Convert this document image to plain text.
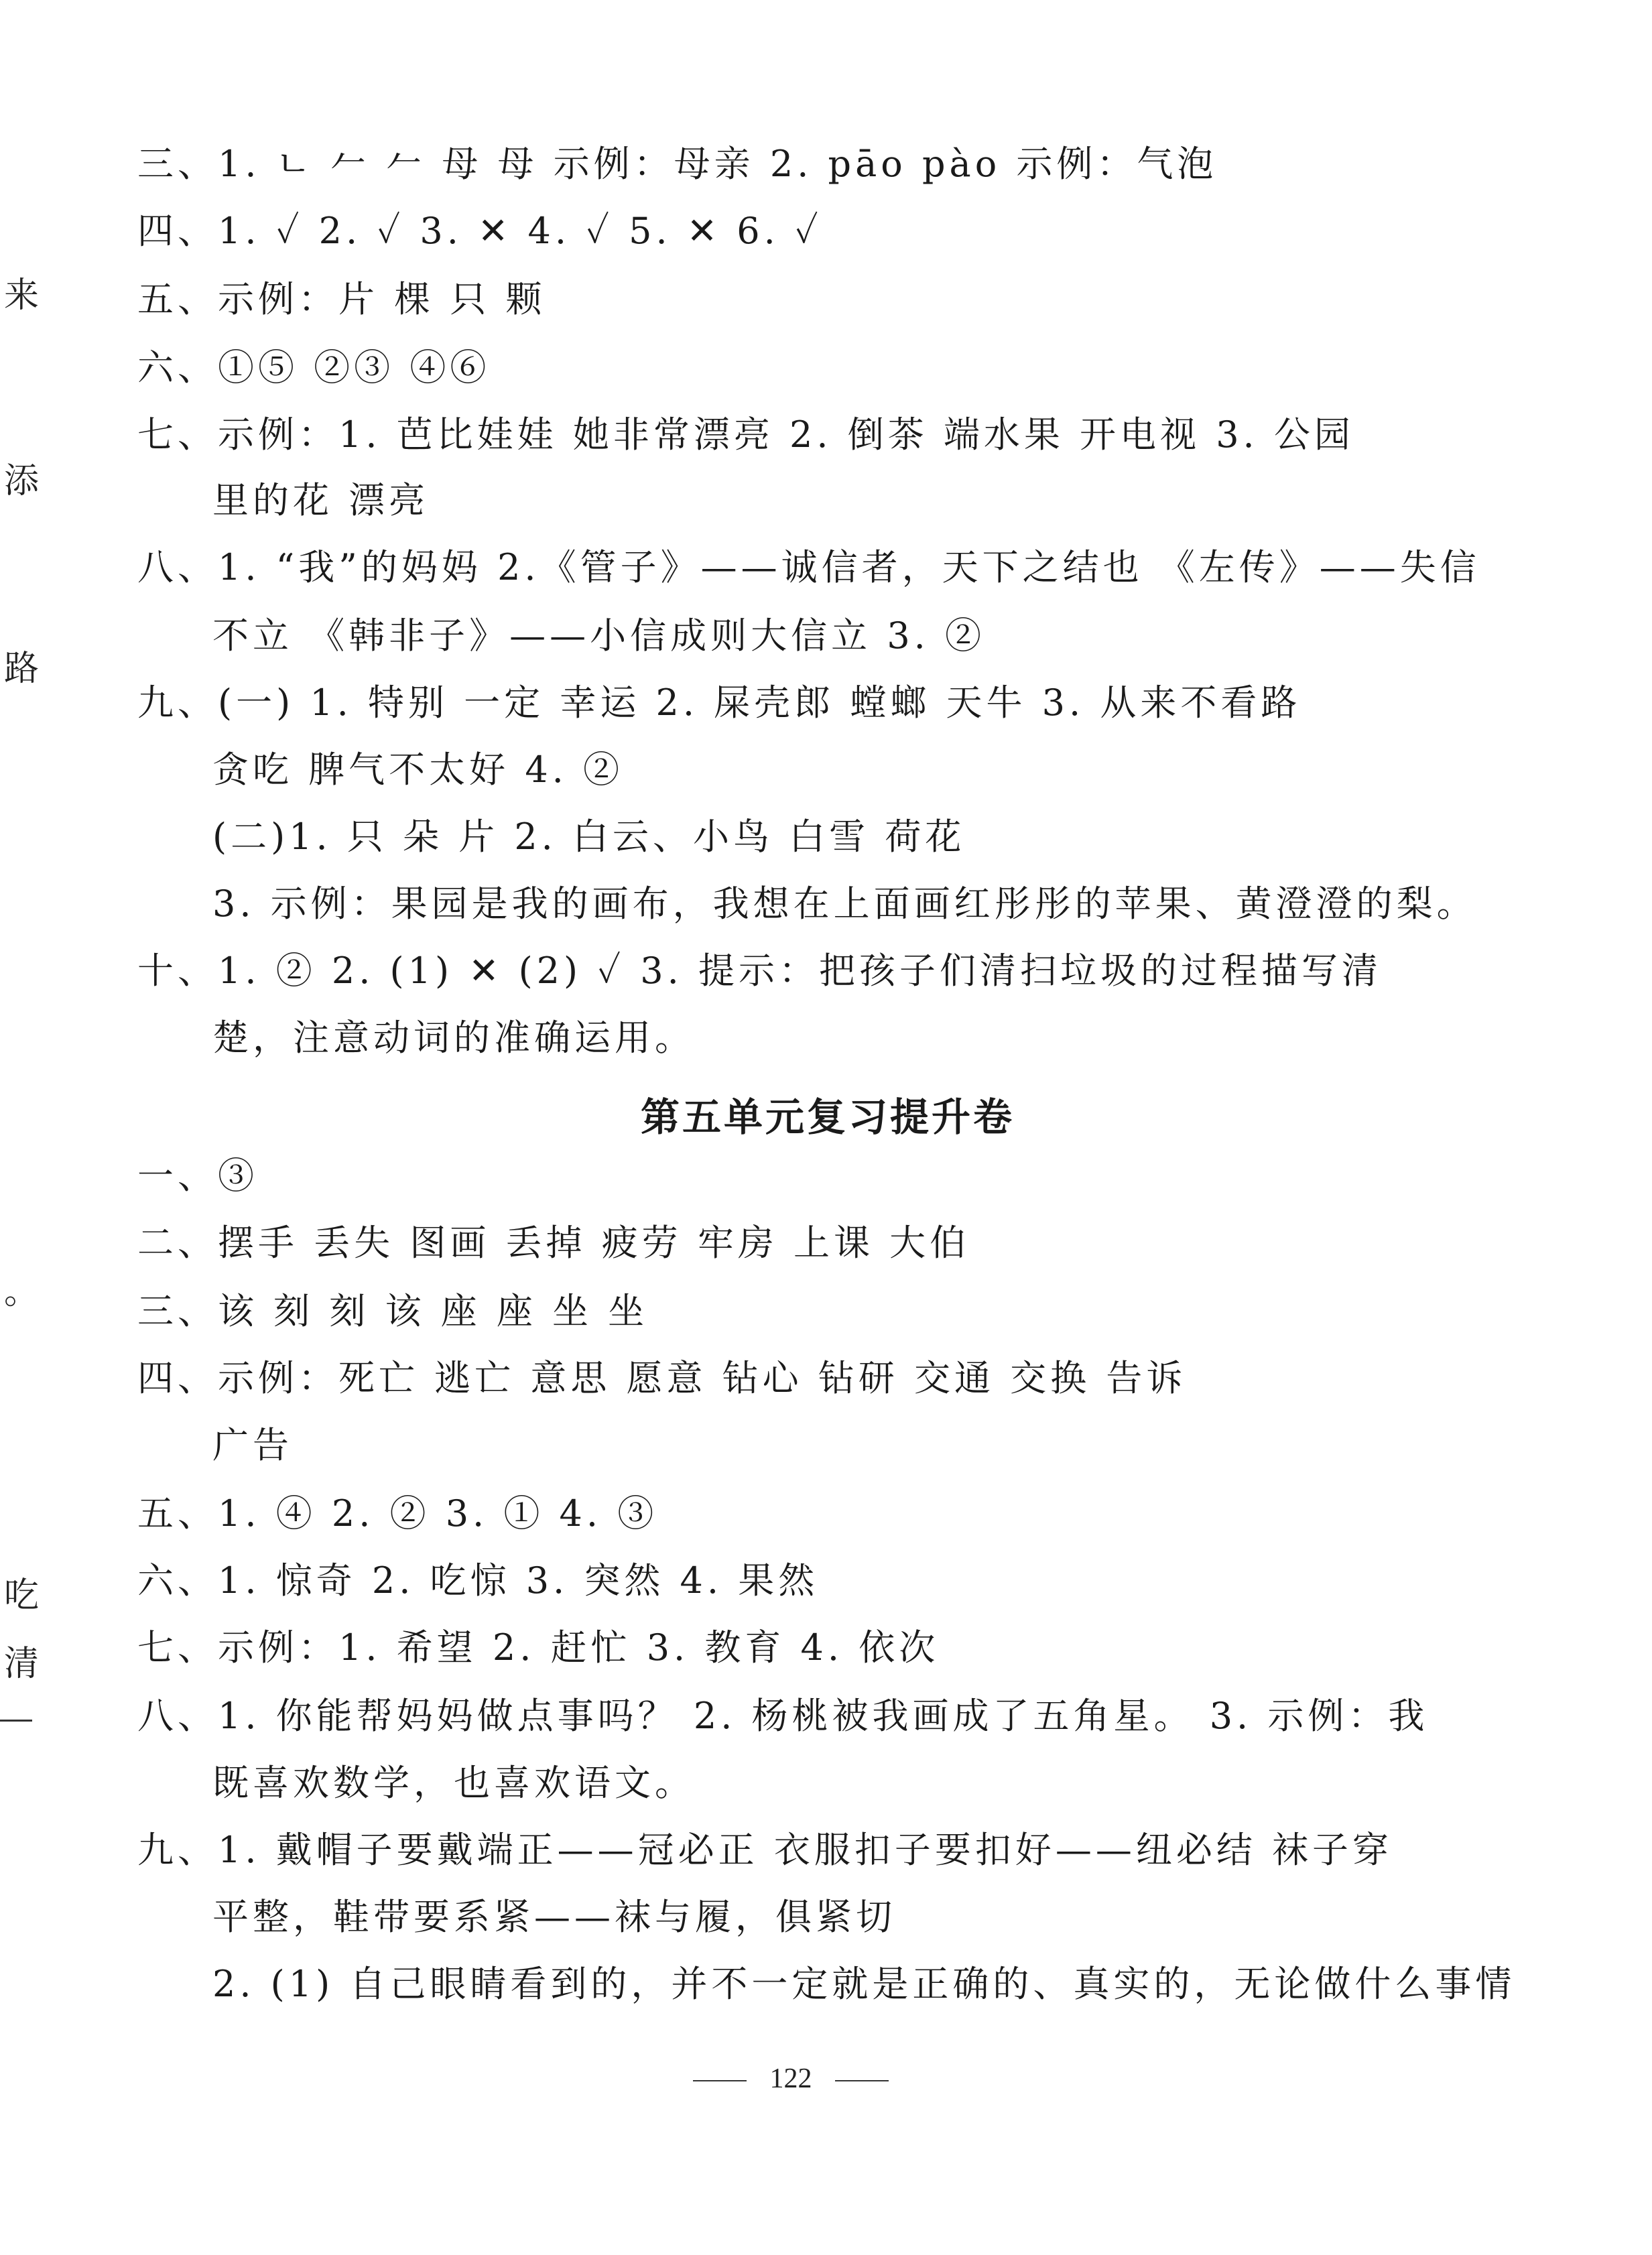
来
添
路
。
吃
清
三、1. ㄴ 𠂉 𠂉 母 母 示例：母亲 2. pāo pào 示例：气泡
四、1. ✓ 2. ✓ 3. ✕ 4. ✓ 5. ✕ 6. ✓
五、示例：片 棵 只 颗
六、①⑤ ②③ ④⑥
七、示例：1. 芭比娃娃 她非常漂亮 2. 倒茶 端水果 开电视 3. 公园
里的花 漂亮
八、1. “我”的妈妈 2.《管子》——诚信者，天下之结也 《左传》——失信
不立 《韩非子》——小信成则大信立 3. ②
九、(一) 1. 特别 一定 幸运 2. 屎壳郎 螳螂 天牛 3. 从来不看路
贪吃 脾气不太好 4. ②
(二)1. 只 朵 片 2. 白云、小鸟 白雪 荷花
3. 示例：果园是我的画布，我想在上面画红彤彤的苹果、黄澄澄的梨。
十、1. ② 2. (1) ✕ (2) ✓ 3. 提示：把孩子们清扫垃圾的过程描写清
楚，注意动词的准确运用。
第五单元复习提升卷
一、③
二、摆手 丢失 图画 丢掉 疲劳 牢房 上课 大伯
三、该 刻 刻 该 座 座 坐 坐
四、示例：死亡 逃亡 意思 愿意 钻心 钻研 交通 交换 告诉
广告
五、1. ④ 2. ② 3. ① 4. ③
六、1. 惊奇 2. 吃惊 3. 突然 4. 果然
七、示例：1. 希望 2. 赶忙 3. 教育 4. 依次
八、1. 你能帮妈妈做点事吗？ 2. 杨桃被我画成了五角星。 3. 示例：我
既喜欢数学，也喜欢语文。
九、1. 戴帽子要戴端正——冠必正 衣服扣子要扣好——纽必结 袜子穿
平整，鞋带要系紧——袜与履，俱紧切
2. (1) 自己眼睛看到的，并不一定就是正确的、真实的，无论做什么事情
122
